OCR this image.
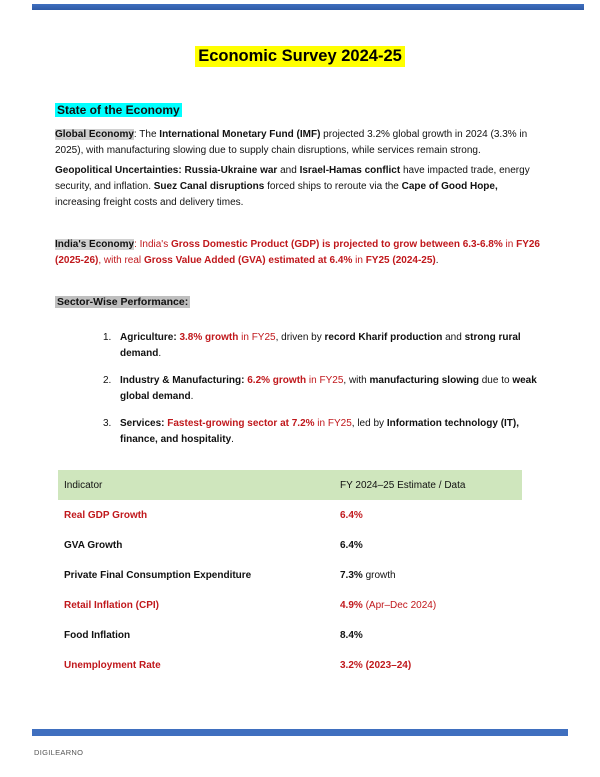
Economic Survey 2024-25
State of the Economy

Global Economy: The International Monetary Fund (IMF) projected 3.2% global growth in 2024 (3.3% in 2025), with manufacturing slowing due to supply chain disruptions, while services remain strong.

Geopolitical Uncertainties: Russia-Ukraine war and Israel-Hamas conflict have impacted trade, energy security, and inflation. Suez Canal disruptions forced ships to reroute via the Cape of Good Hope, increasing freight costs and delivery times.

India's Economy: India's Gross Domestic Product (GDP) is projected to grow between 6.3-6.8% in FY26 (2025-26), with real Gross Value Added (GVA) estimated at 6.4% in FY25 (2024-25).

Sector-Wise Performance:
1. Agriculture: 3.8% growth in FY25, driven by record Kharif production and strong rural demand.
2. Industry & Manufacturing: 6.2% growth in FY25, with manufacturing slowing due to weak global demand.
3. Services: Fastest-growing sector at 7.2% in FY25, led by Information technology (IT), finance, and hospitality.
Indicator	FY 2024–25 Estimate / Data
Real GDP Growth	6.4%
GVA Growth	6.4%
Private Final Consumption Expenditure	7.3% growth
Retail Inflation (CPI)	4.9% (Apr–Dec 2024)
Food Inflation	8.4%
Unemployment Rate	3.2% (2023–24)
DIGILEARNO
